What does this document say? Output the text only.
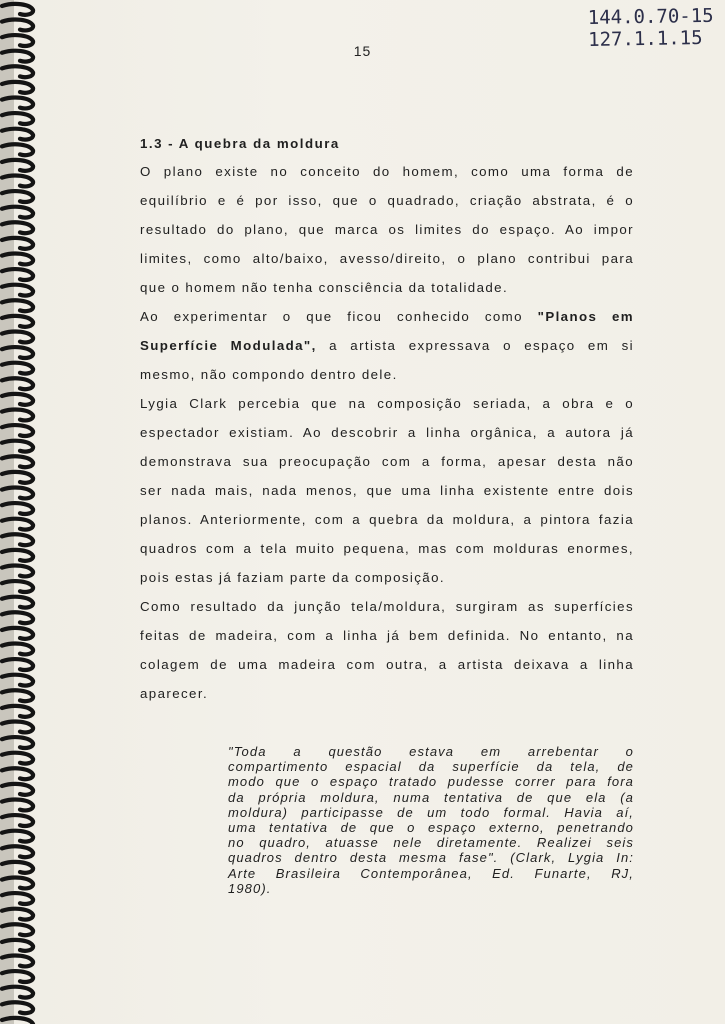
144.0.70-15
127.1.1.15
15
1.3 - A quebra da moldura
O plano existe no conceito do homem, como uma forma de
equilíbrio e é por isso, que o quadrado, criação abstrata, é o
resultado do plano, que marca os limites do espaço. Ao impor
limites, como alto/baixo, avesso/direito, o plano contribui para
que o homem não tenha consciência da totalidade.
Ao experimentar o que ficou conhecido como "Planos em
Superfície Modulada", a artista expressava o espaço em si
mesmo, não compondo dentro dele.
Lygia Clark percebia que na composição seriada, a obra e o
espectador existiam. Ao descobrir a linha orgânica, a autora já
demonstrava sua preocupação com a forma, apesar desta não
ser nada mais, nada menos, que uma linha existente entre dois
planos. Anteriormente, com a quebra da moldura, a pintora fazia
quadros com a tela muito pequena, mas com molduras enormes,
pois estas já faziam parte da composição.
Como resultado da junção tela/moldura, surgiram as superfícies
feitas de madeira, com a linha já bem definida. No entanto, na
colagem de uma madeira com outra, a artista deixava a linha
aparecer.
"Toda a questão estava em arrebentar o
compartimento espacial da superfície da tela, de
modo que o espaço tratado pudesse correr para fora
da própria moldura, numa tentativa de que ela (a
moldura) participasse de um todo formal. Havia aí,
uma tentativa de que o espaço externo, penetrando
no quadro, atuasse nele diretamente. Realizei seis
quadros dentro desta mesma fase". (Clark, Lygia In:
Arte Brasileira Contemporânea, Ed. Funarte, RJ,
1980).
